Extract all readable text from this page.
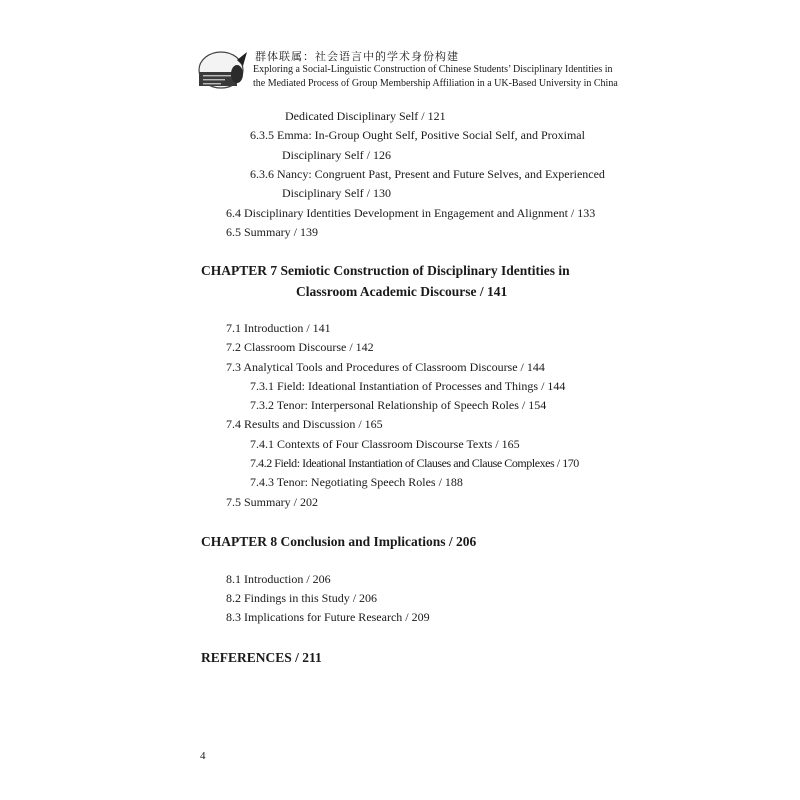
群体联属：社会语言中的学术身份构建
Exploring a Social-Linguistic Construction of Chinese Students’ Disciplinary Identities in
the Mediated Process of Group Membership Affiliation in a UK-Based University in China
Dedicated Disciplinary Self / 121
6.3.5 Emma: In-Group Ought Self, Positive Social Self, and Proximal
Disciplinary Self / 126
6.3.6 Nancy: Congruent Past, Present and Future Selves, and Experienced
Disciplinary Self / 130
6.4 Disciplinary Identities Development in Engagement and Alignment / 133
6.5 Summary / 139
CHAPTER 7 Semiotic Construction of Disciplinary Identities in
Classroom Academic Discourse / 141
7.1 Introduction / 141
7.2 Classroom Discourse / 142
7.3 Analytical Tools and Procedures of Classroom Discourse / 144
7.3.1 Field: Ideational Instantiation of Processes and Things / 144
7.3.2 Tenor: Interpersonal Relationship of Speech Roles / 154
7.4 Results and Discussion / 165
7.4.1 Contexts of Four Classroom Discourse Texts / 165
7.4.2 Field: Ideational Instantiation of Clauses and Clause Complexes / 170
7.4.3 Tenor: Negotiating Speech Roles / 188
7.5 Summary / 202
CHAPTER 8 Conclusion and Implications / 206
8.1 Introduction / 206
8.2 Findings in this Study / 206
8.3 Implications for Future Research / 209
REFERENCES / 211
4
